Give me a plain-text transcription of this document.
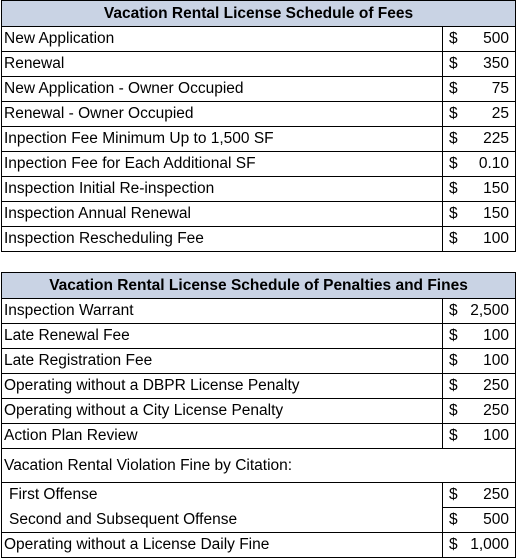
Vacation Rental License Schedule of Fees	
New Application	$ 500

Renewal	$ 350

New Application - Owner Occupied	$ 75

Renewal - Owner Occupied	$ 25

Inpection Fee Minimum Up to 1,500 SF	$ 225

Inpection Fee for Each Additional SF	$ 0.10

Inspection Initial Re-inspection	$ 150

Inspection Annual Renewal	$ 150

Inspection Rescheduling Fee	$ 100
Vacation Rental License Schedule of Penalties and Fines	
Inspection Warrant	$ 2,500

Late Renewal Fee	$ 100

Late Registration Fee	$ 100

Operating without a DBPR License Penalty	$ 250

Operating without a City License Penalty	$ 250

Action Plan Review	$ 100
Vacation Rental Violation Fine by Citation:	
First Offense	$ 250

Second and Subsequent Offense	$ 500

Operating without a License Daily Fine	$ 1,000
